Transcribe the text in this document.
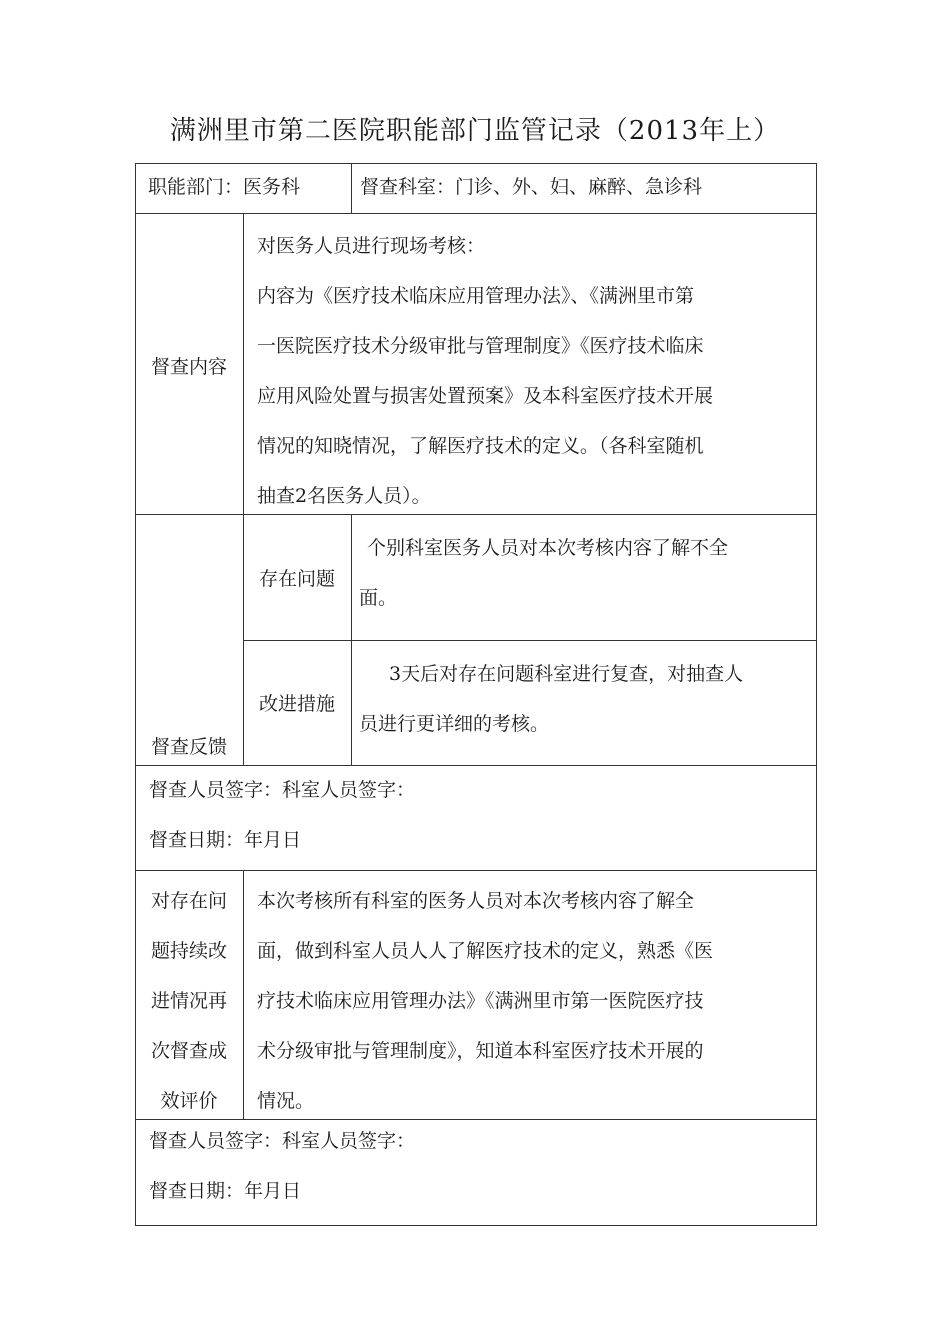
满洲里市第二医院职能部门监管记录（2013年上）
职能部门：医务科	督查科室：门诊、外、妇、麻醉、急诊科
督查内容

对医务人员进行现场考核：

内容为《医疗技术临床应用管理办法》、《满洲里市第

一医院医疗技术分级审批与管理制度》《医疗技术临床

应用风险处置与损害处置预案》及本科室医疗技术开展

情况的知晓情况，了解医疗技术的定义。（各科室随机

抽查2名医务人员）。

督查反馈
存在问题

个别科室医务人员对本次考核内容了解不全

面。

改进措施

3天后对存在问题科室进行复查，对抽查人

员进行更详细的考核。

督查人员签字：科室人员签字：

督查日期：年月日

对存在问

题持续改

进情况再

次督查成

效评价

本次考核所有科室的医务人员对本次考核内容了解全

面，做到科室人员人人了解医疗技术的定义，熟悉《医

疗技术临床应用管理办法》《满洲里市第一医院医疗技

术分级审批与管理制度》，知道本科室医疗技术开展的

情况。

督查人员签字：科室人员签字：

督查日期：年月日
